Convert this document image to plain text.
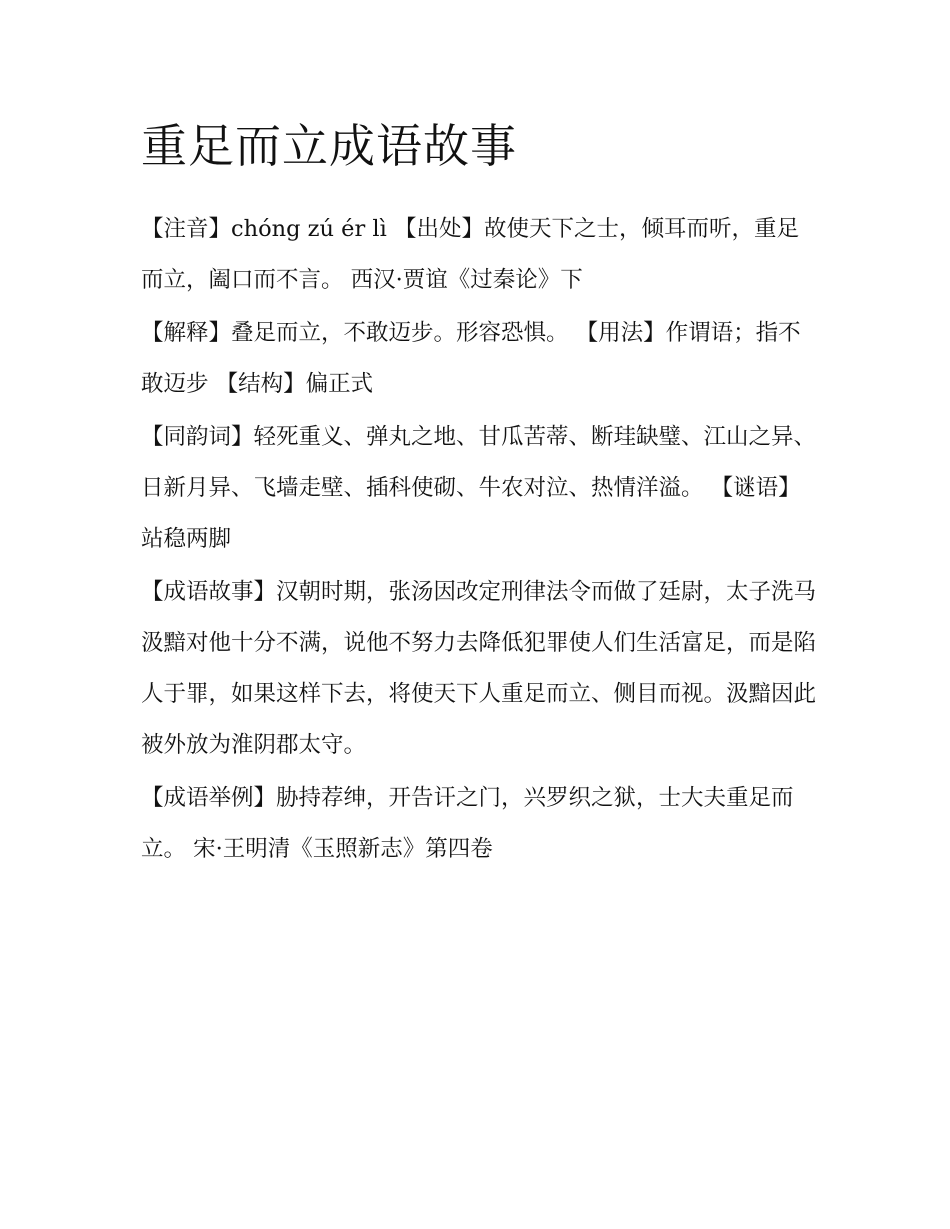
重足而立成语故事

【注音】chóng zú ér lì 【出处】故使天下之士，倾耳而听，重足而立，阖口而不言。 西汉·贾谊《过秦论》下

【解释】叠足而立，不敢迈步。形容恐惧。 【用法】作谓语；指不敢迈步 【结构】偏正式

【同韵词】轻死重义、弹丸之地、甘瓜苦蒂、断珪缺璧、江山之异、日新月异、飞墙走壁、插科使砌、牛农对泣、热情洋溢。 【谜语】站稳两脚

【成语故事】汉朝时期，张汤因改定刑律法令而做了廷尉，太子洗马汲黯对他十分不满，说他不努力去降低犯罪使人们生活富足，而是陷人于罪，如果这样下去，将使天下人重足而立、侧目而视。汲黯因此被外放为淮阴郡太守。

【成语举例】胁持荐绅，开告讦之门，兴罗织之狱，士大夫重足而立。 宋·王明清《玉照新志》第四卷
